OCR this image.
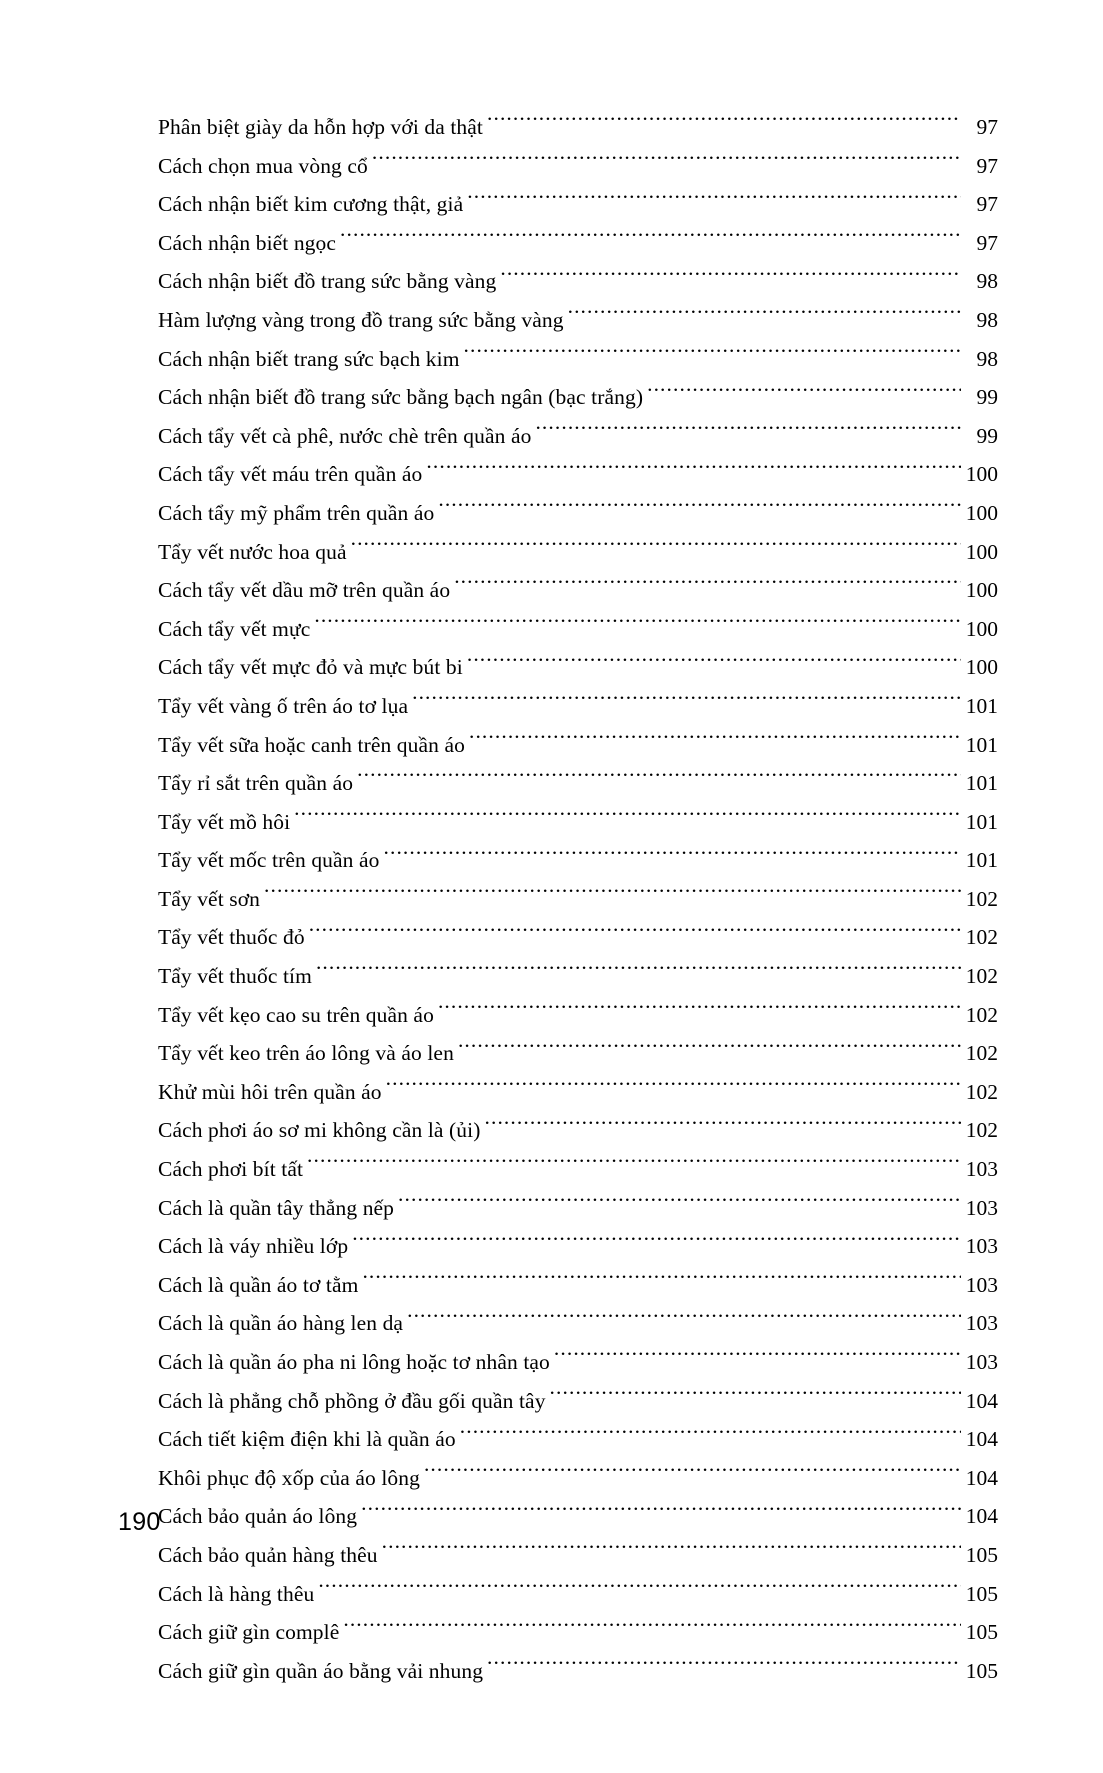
Phân biệt giày da hỗn hợp với da thật .....	97
Cách chọn mua vòng cổ .....	97
Cách nhận biết kim cương thật, giả .....	97
Cách nhận biết ngọc .....	97
Cách nhận biết đồ trang sức bằng vàng .....	98
Hàm lượng vàng trong đồ trang sức bằng vàng .....	98
Cách nhận biết trang sức bạch kim .....	98
Cách nhận biết đồ trang sức bằng bạch ngân (bạc trắng) .....	99
Cách tẩy vết cà phê, nước chè trên quần áo .....	99
Cách tẩy vết máu trên quần áo .....	100
Cách tẩy mỹ phẩm trên quần áo .....	100
Tẩy vết nước hoa quả .....	100
Cách tẩy vết dầu mỡ trên quần áo .....	100
Cách tẩy vết mực .....	100
Cách tẩy vết mực đỏ và mực bút bi .....	100
Tẩy vết vàng ố trên áo tơ lụa .....	101
Tẩy vết sữa hoặc canh trên quần áo .....	101
Tẩy rỉ sắt trên quần áo .....	101
Tẩy vết mồ hôi .....	101
Tẩy vết mốc trên quần áo .....	101
Tẩy vết sơn .....	102
Tẩy vết thuốc đỏ .....	102
Tẩy vết thuốc tím .....	102
Tẩy vết kẹo cao su trên quần áo .....	102
Tẩy vết keo trên áo lông và áo len .....	102
Khử mùi hôi trên quần áo .....	102
Cách phơi áo sơ mi không cần là (ủi) .....	102
Cách phơi bít tất .....	103
Cách là quần tây thẳng nếp .....	103
Cách là váy nhiều lớp .....	103
Cách là quần áo tơ tằm .....	103
Cách là quần áo hàng len dạ .....	103
Cách là quần áo pha ni lông hoặc tơ nhân tạo .....	103
Cách là phẳng chỗ phồng ở đầu gối quần tây .....	104
Cách tiết kiệm điện khi là quần áo .....	104
Khôi phục độ xốp của áo lông .....	104
Cách bảo quản áo lông .....	104
Cách bảo quản hàng thêu .....	105
Cách là hàng thêu .....	105
Cách giữ gìn complê .....	105
Cách giữ gìn quần áo bằng vải nhung .....	105
190
